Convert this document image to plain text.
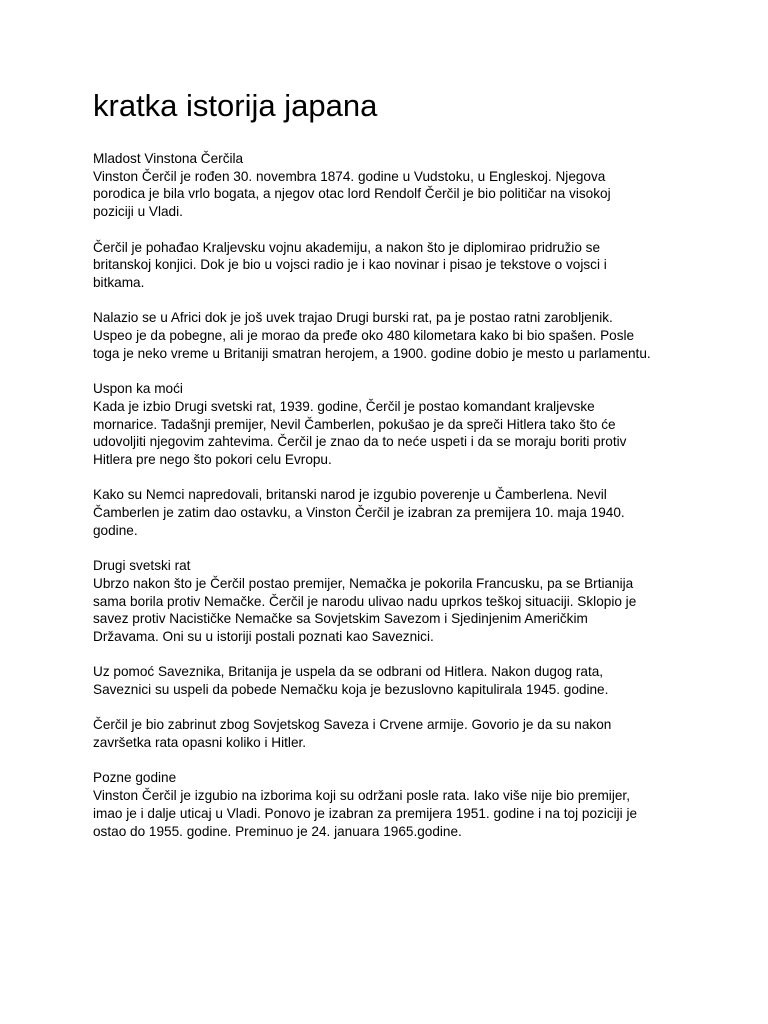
kratka istorija japana

Mladost Vinstona Čerčila
Vinston Čerčil je rođen 30. novembra 1874. godine u Vudstoku, u Engleskoj. Njegova
porodica je bila vrlo bogata, a njegov otac lord Rendolf Čerčil je bio političar na visokoj
poziciji u Vladi.

Čerčil je pohađao Kraljevsku vojnu akademiju, a nakon što je diplomirao pridružio se
britanskoj konjici. Dok je bio u vojsci radio je i kao novinar i pisao je tekstove o vojsci i
bitkama.

Nalazio se u Africi dok je još uvek trajao Drugi burski rat, pa je postao ratni zarobljenik.
Uspeo je da pobegne, ali je morao da pređe oko 480 kilometara kako bi bio spašen. Posle
toga je neko vreme u Britaniji smatran herojem, a 1900. godine dobio je mesto u parlamentu.

Uspon ka moći
Kada je izbio Drugi svetski rat, 1939. godine, Čerčil je postao komandant kraljevske
mornarice. Tadašnji premijer, Nevil Čamberlen, pokušao je da spreči Hitlera tako što će
udovoljiti njegovim zahtevima. Čerčil je znao da to neće uspeti i da se moraju boriti protiv
Hitlera pre nego što pokori celu Evropu.

Kako su Nemci napredovali, britanski narod je izgubio poverenje u Čamberlena. Nevil
Čamberlen je zatim dao ostavku, a Vinston Čerčil je izabran za premijera 10. maja 1940.
godine.

Drugi svetski rat
Ubrzo nakon što je Čerčil postao premijer, Nemačka je pokorila Francusku, pa se Brtianija
sama borila protiv Nemačke. Čerčil je narodu ulivao nadu uprkos teškoj situaciji. Sklopio je
savez protiv Nacističke Nemačke sa Sovjetskim Savezom i Sjedinjenim Američkim
Državama. Oni su u istoriji postali poznati kao Saveznici.

Uz pomoć Saveznika, Britanija je uspela da se odbrani od Hitlera. Nakon dugog rata,
Saveznici su uspeli da pobede Nemačku koja je bezuslovno kapitulirala 1945. godine.

Čerčil je bio zabrinut zbog Sovjetskog Saveza i Crvene armije. Govorio je da su nakon
završetka rata opasni koliko i Hitler.

Pozne godine
Vinston Čerčil je izgubio na izborima koji su održani posle rata. Iako više nije bio premijer,
imao je i dalje uticaj u Vladi. Ponovo je izabran za premijera 1951. godine i na toj poziciji je
ostao do 1955. godine. Preminuo je 24. januara 1965.godine.
